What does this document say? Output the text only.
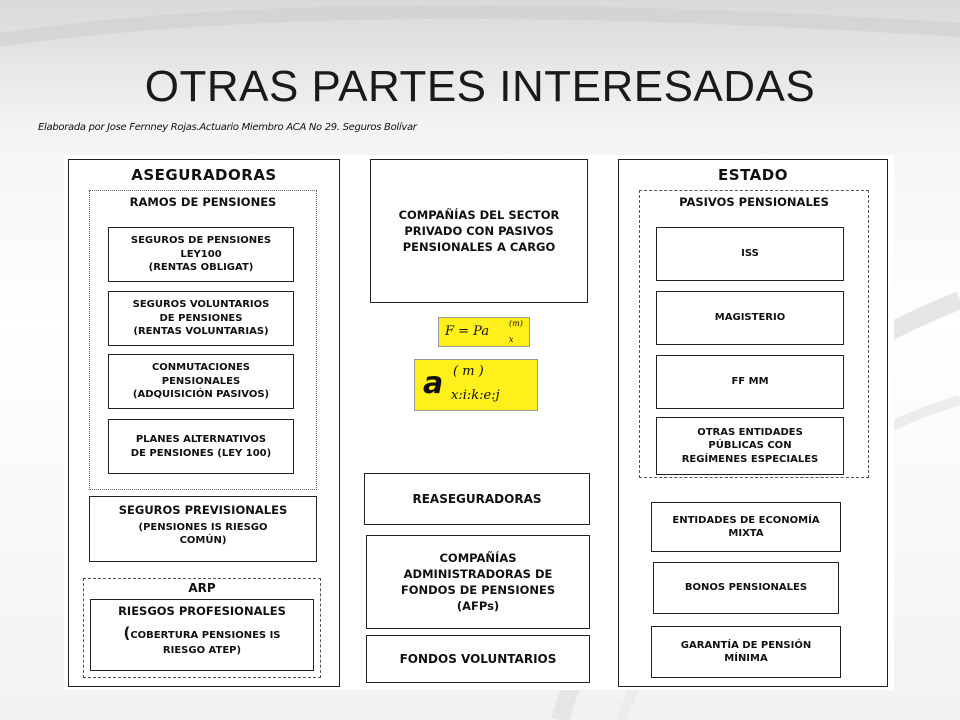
OTRAS PARTES INTERESADAS
Elaborada por Jose Fernney Rojas.Actuario Miembro ACA No 29. Seguros Bolívar
ASEGURADORAS
RAMOS DE PENSIONES
SEGUROS DE PENSIONES
LEY100
(RENTAS OBLIGAT)
SEGUROS VOLUNTARIOS
DE PENSIONES
(RENTAS VOLUNTARIAS)
CONMUTACIONES
PENSIONALES
(ADQUISICIÓN PASIVOS)
PLANES ALTERNATIVOS
DE PENSIONES (LEY 100)
SEGUROS PREVISIONALES
(PENSIONES IS RIESGO
COMÚN)
ARP
RIESGOS PROFESIONALES
(COBERTURA PENSIONES IS
RIESGO ATEP)
COMPAÑÍAS DEL SECTOR
PRIVADO CON PASIVOS
PENSIONALES A CARGO
F = Pa
(m)
x
a ( m )
x:i:k:e:j
REASEGURADORAS
COMPAÑÍAS
ADMINISTRADORAS DE
FONDOS DE PENSIONES
(AFPs)
FONDOS VOLUNTARIOS
ESTADO
PASIVOS PENSIONALES
ISS
MAGISTERIO
FF MM
OTRAS ENTIDADES
PÚBLICAS CON
REGÍMENES ESPECIALES
ENTIDADES DE ECONOMÍA
MIXTA
BONOS PENSIONALES
GARANTÍA DE PENSIÓN
MÍNIMA
